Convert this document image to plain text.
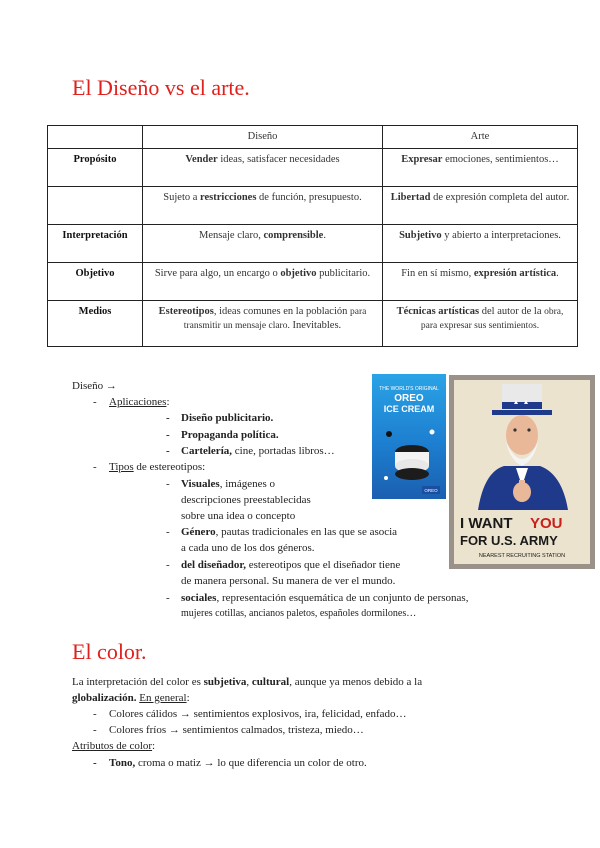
El Diseño vs el arte.
	Diseño	Arte
Propósito	Vender ideas, satisfacer necesidades	Expresar emociones, sentimientos…
	Sujeto a restricciones de función, presupuesto.	Libertad de expresión completa del autor.
Interpretación	Mensaje claro, comprensible.	Subjetivo y abierto a interpretaciones.
Objetivo	Sirve para algo, un encargo o objetivo publicitario.	Fin en sí mismo, expresión artística.
Medios	Estereotipos, ideas comunes en la población para transmitir un mensaje claro. Inevitables.	Técnicas artísticas del autor de la obra, para expresar sus sentimientos.
Diseño →
- Aplicaciones:
- Diseño publicitario.
- Propaganda política.
- Cartelería, cine, portadas libros…
- Tipos de estereotipos:
- Visuales, imágenes o
descripciones preestablecidas
sobre una idea o concepto
- Género, pautas tradicionales en las que se asocia
a cada uno de los dos géneros.
- del diseñador, estereotipos que el diseñador tiene
de manera personal. Su manera de ver el mundo.
- sociales, representación esquemática de un conjunto de personas,
mujeres cotillas, ancianos paletos, españoles dormilones…
THE WORLD'S ORIGINAL
OREO
ICE CREAM
OREO
I WANT YOU
FOR U.S. ARMY
NEAREST RECRUITING STATION
El color.
La interpretación del color es subjetiva, cultural, aunque ya menos debido a la
globalización. En general:
- Colores cálidos → sentimientos explosivos, ira, felicidad, enfado…
- Colores fríos → sentimientos calmados, tristeza, miedo…
Atributos de color:
- Tono, croma o matiz → lo que diferencia un color de otro.
